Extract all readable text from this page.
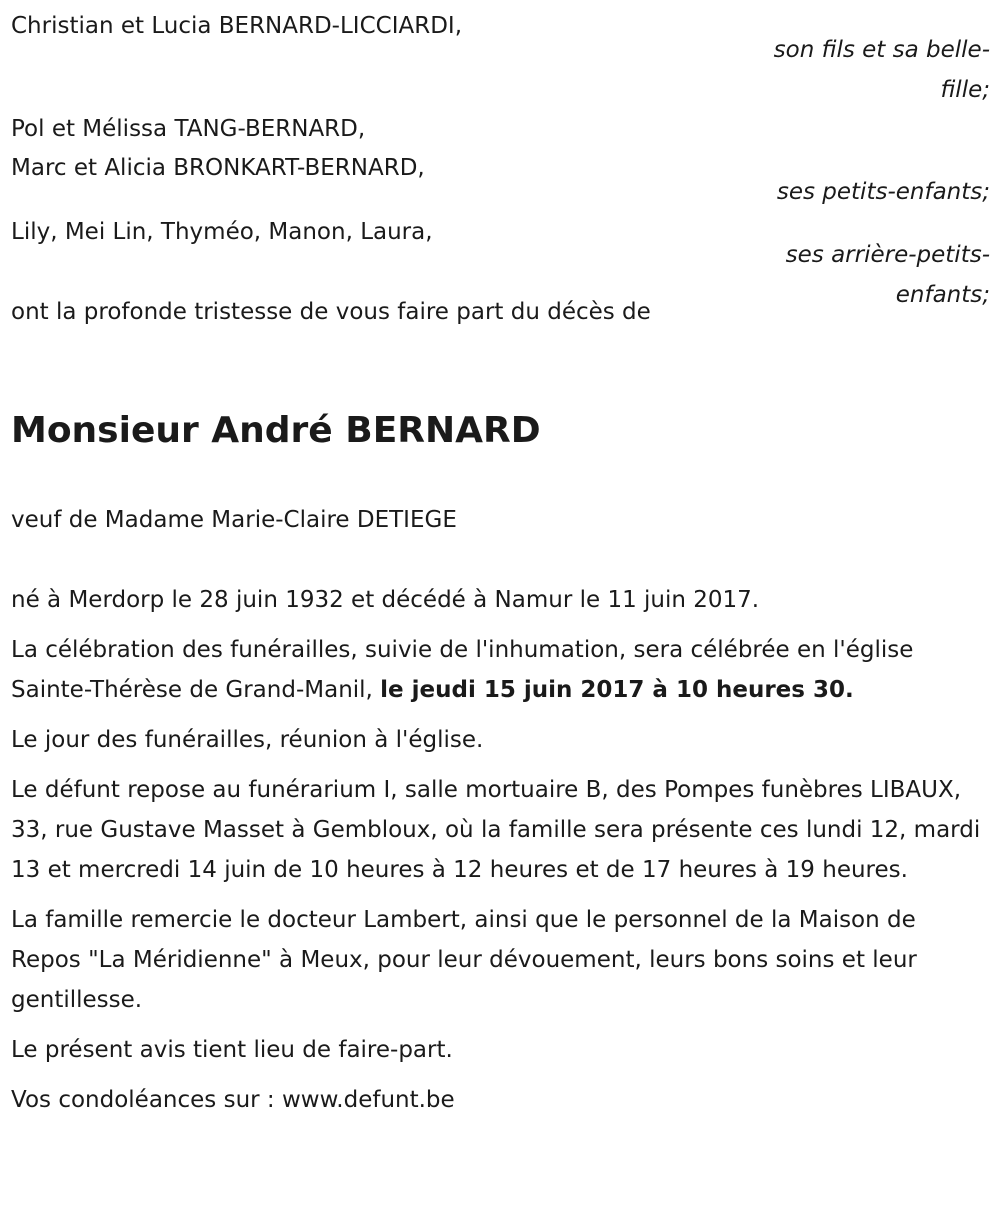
Christian et Lucia BERNARD-LICCIARDI,
son fils et sa belle-fille;
Pol et Mélissa TANG-BERNARD,
Marc et Alicia BRONKART-BERNARD,
ses petits-enfants;
Lily, Mei Lin, Thyméo, Manon, Laura,
ses arrière-petits-enfants;
ont la profonde tristesse de vous faire part du décès de
Monsieur André BERNARD
veuf de Madame Marie-Claire DETIEGE

né à Merdorp le 28 juin 1932 et décédé à Namur le 11 juin 2017.

La célébration des funérailles, suivie de l'inhumation, sera célébrée en l'église Sainte-Thérèse de Grand-Manil, le jeudi 15 juin 2017 à 10 heures 30.

Le jour des funérailles, réunion à l'église.

Le défunt repose au funérarium I, salle mortuaire B, des Pompes funèbres LIBAUX, 33, rue Gustave Masset à Gembloux, où la famille sera présente ces lundi 12, mardi 13 et mercredi 14 juin de 10 heures à 12 heures et de 17 heures à 19 heures.

La famille remercie le docteur Lambert, ainsi que le personnel de la Maison de Repos "La Méridienne" à Meux, pour leur dévouement, leurs bons soins et leur gentillesse.

Le présent avis tient lieu de faire-part.

Vos condoléances sur : www.defunt.be
